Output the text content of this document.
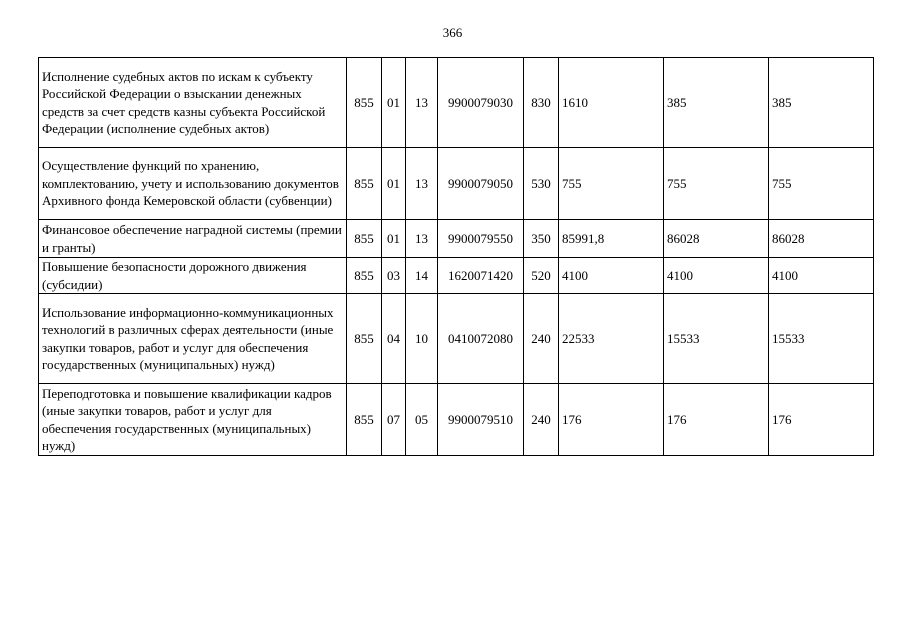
366
Исполнение судебных актов по искам к субъекту Российской Федерации о взыскании денежных средств за счет средств казны субъекта Российской Федерации (исполнение судебных актов)	855	01	13	9900079030	830	1610	385	385
Осуществление функций по хранению, комплектованию, учету и использованию документов Архивного фонда Кемеровской области (субвенции)	855	01	13	9900079050	530	755	755	755
Финансовое обеспечение наградной системы (премии и гранты)	855	01	13	9900079550	350	85991,8	86028	86028
Повышение безопасности дорожного движения (субсидии)	855	03	14	1620071420	520	4100	4100	4100
Использование информационно-коммуникационных технологий в различных сферах деятельности (иные закупки товаров, работ и услуг для обеспечения государственных (муниципальных) нужд)	855	04	10	0410072080	240	22533	15533	15533
Переподготовка и повышение квалификации кадров (иные закупки товаров, работ и услуг для обеспечения государственных (муниципальных) нужд)	855	07	05	9900079510	240	176	176	176
